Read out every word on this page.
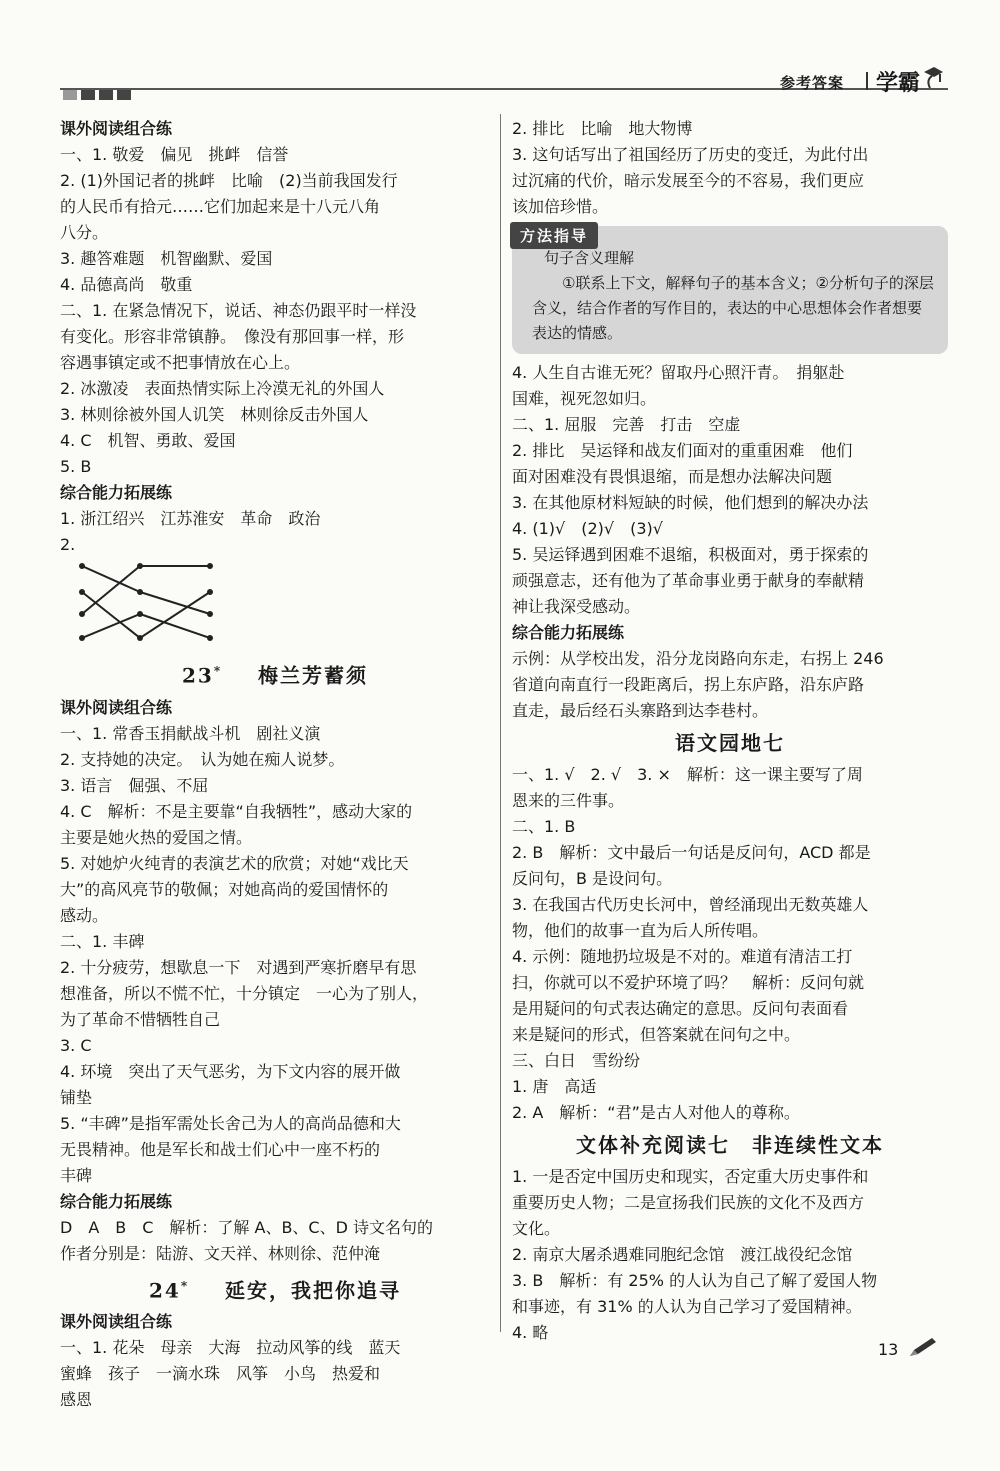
参考答案 学霸
课外阅读组合练
一、1. 敬爱　偏见　挑衅　信誉
2. (1)外国记者的挑衅　比喻　(2)当前我国发行
的人民币有拾元……它们加起来是十八元八角
八分。
3. 趣答难题　机智幽默、爱国
4. 品德高尚　敬重
二、1. 在紧急情况下，说话、神态仍跟平时一样没
有变化。形容非常镇静。　像没有那回事一样，形
容遇事镇定或不把事情放在心上。
2. 冰激凌　表面热情实际上冷漠无礼的外国人
3. 林则徐被外国人讥笑　林则徐反击外国人
4. C　机智、勇敢、爱国
5. B
综合能力拓展练
1. 浙江绍兴　江苏淮安　革命　政治
2.
23* 梅兰芳蓄须
课外阅读组合练
一、1. 常香玉捐献战斗机　剧社义演
2. 支持她的决定。　认为她在痴人说梦。
3. 语言　倔强、不屈
4. C　解析：不是主要靠“自我牺牲”，感动大家的
主要是她火热的爱国之情。
5. 对她炉火纯青的表演艺术的欣赏；对她“戏比天
大”的高风亮节的敬佩；对她高尚的爱国情怀的
感动。
二、1. 丰碑
2. 十分疲劳，想歇息一下　对遇到严寒折磨早有思
想准备，所以不慌不忙，十分镇定　一心为了别人，
为了革命不惜牺牲自己
3. C
4. 环境　突出了天气恶劣，为下文内容的展开做
铺垫
5. “丰碑”是指军需处长舍己为人的高尚品德和大
无畏精神。他是军长和战士们心中一座不朽的
丰碑
综合能力拓展练
D　A　B　C　解析：了解 A、B、C、D 诗文名句的
作者分别是：陆游、文天祥、林则徐、范仲淹
24* 延安，我把你追寻
课外阅读组合练
一、1. 花朵　母亲　大海　拉动风筝的线　蓝天
蜜蜂　孩子　一滴水珠　风筝　小鸟　热爱和
感恩
2. 排比　比喻　地大物博
3. 这句话写出了祖国经历了历史的变迁，为此付出
过沉痛的代价，暗示发展至今的不容易，我们更应
该加倍珍惜。
方法指导
句子含义理解
①联系上下文，解释句子的基本含义；②分析句子的深层含义，结合作者的写作目的，表达的中心思想体会作者想要表达的情感。
4. 人生自古谁无死？留取丹心照汗青。　捐躯赴
国难，视死忽如归。
二、1. 屈服　完善　打击　空虚
2. 排比　吴运铎和战友们面对的重重困难　他们
面对困难没有畏惧退缩，而是想办法解决问题
3. 在其他原材料短缺的时候，他们想到的解决办法
4. (1)√　(2)√　(3)√
5. 吴运铎遇到困难不退缩，积极面对，勇于探索的
顽强意志，还有他为了革命事业勇于献身的奉献精
神让我深受感动。
综合能力拓展练
示例：从学校出发，沿分龙岗路向东走，右拐上 246
省道向南直行一段距离后，拐上东庐路，沿东庐路
直走，最后经石头寨路到达李巷村。
语文园地七
一、1. √　2. √　3. ×　解析：这一课主要写了周
恩来的三件事。
二、1. B
2. B　解析：文中最后一句话是反问句，ACD 都是
反问句，B 是设问句。
3. 在我国古代历史长河中，曾经涌现出无数英雄人
物，他们的故事一直为后人所传唱。
4. 示例：随地扔垃圾是不对的。难道有清洁工打
扫，你就可以不爱护环境了吗？　解析：反问句就
是用疑问的句式表达确定的意思。反问句表面看
来是疑问的形式，但答案就在问句之中。
三、白日　雪纷纷
1. 唐　高适
2. A　解析：“君”是古人对他人的尊称。
文体补充阅读七　非连续性文本
1. 一是否定中国历史和现实，否定重大历史事件和
重要历史人物；二是宣扬我们民族的文化不及西方
文化。
2. 南京大屠杀遇难同胞纪念馆　渡江战役纪念馆
3. B　解析：有 25% 的人认为自己了解了爱国人物
和事迹，有 31% 的人认为自己学习了爱国精神。
4. 略
13
